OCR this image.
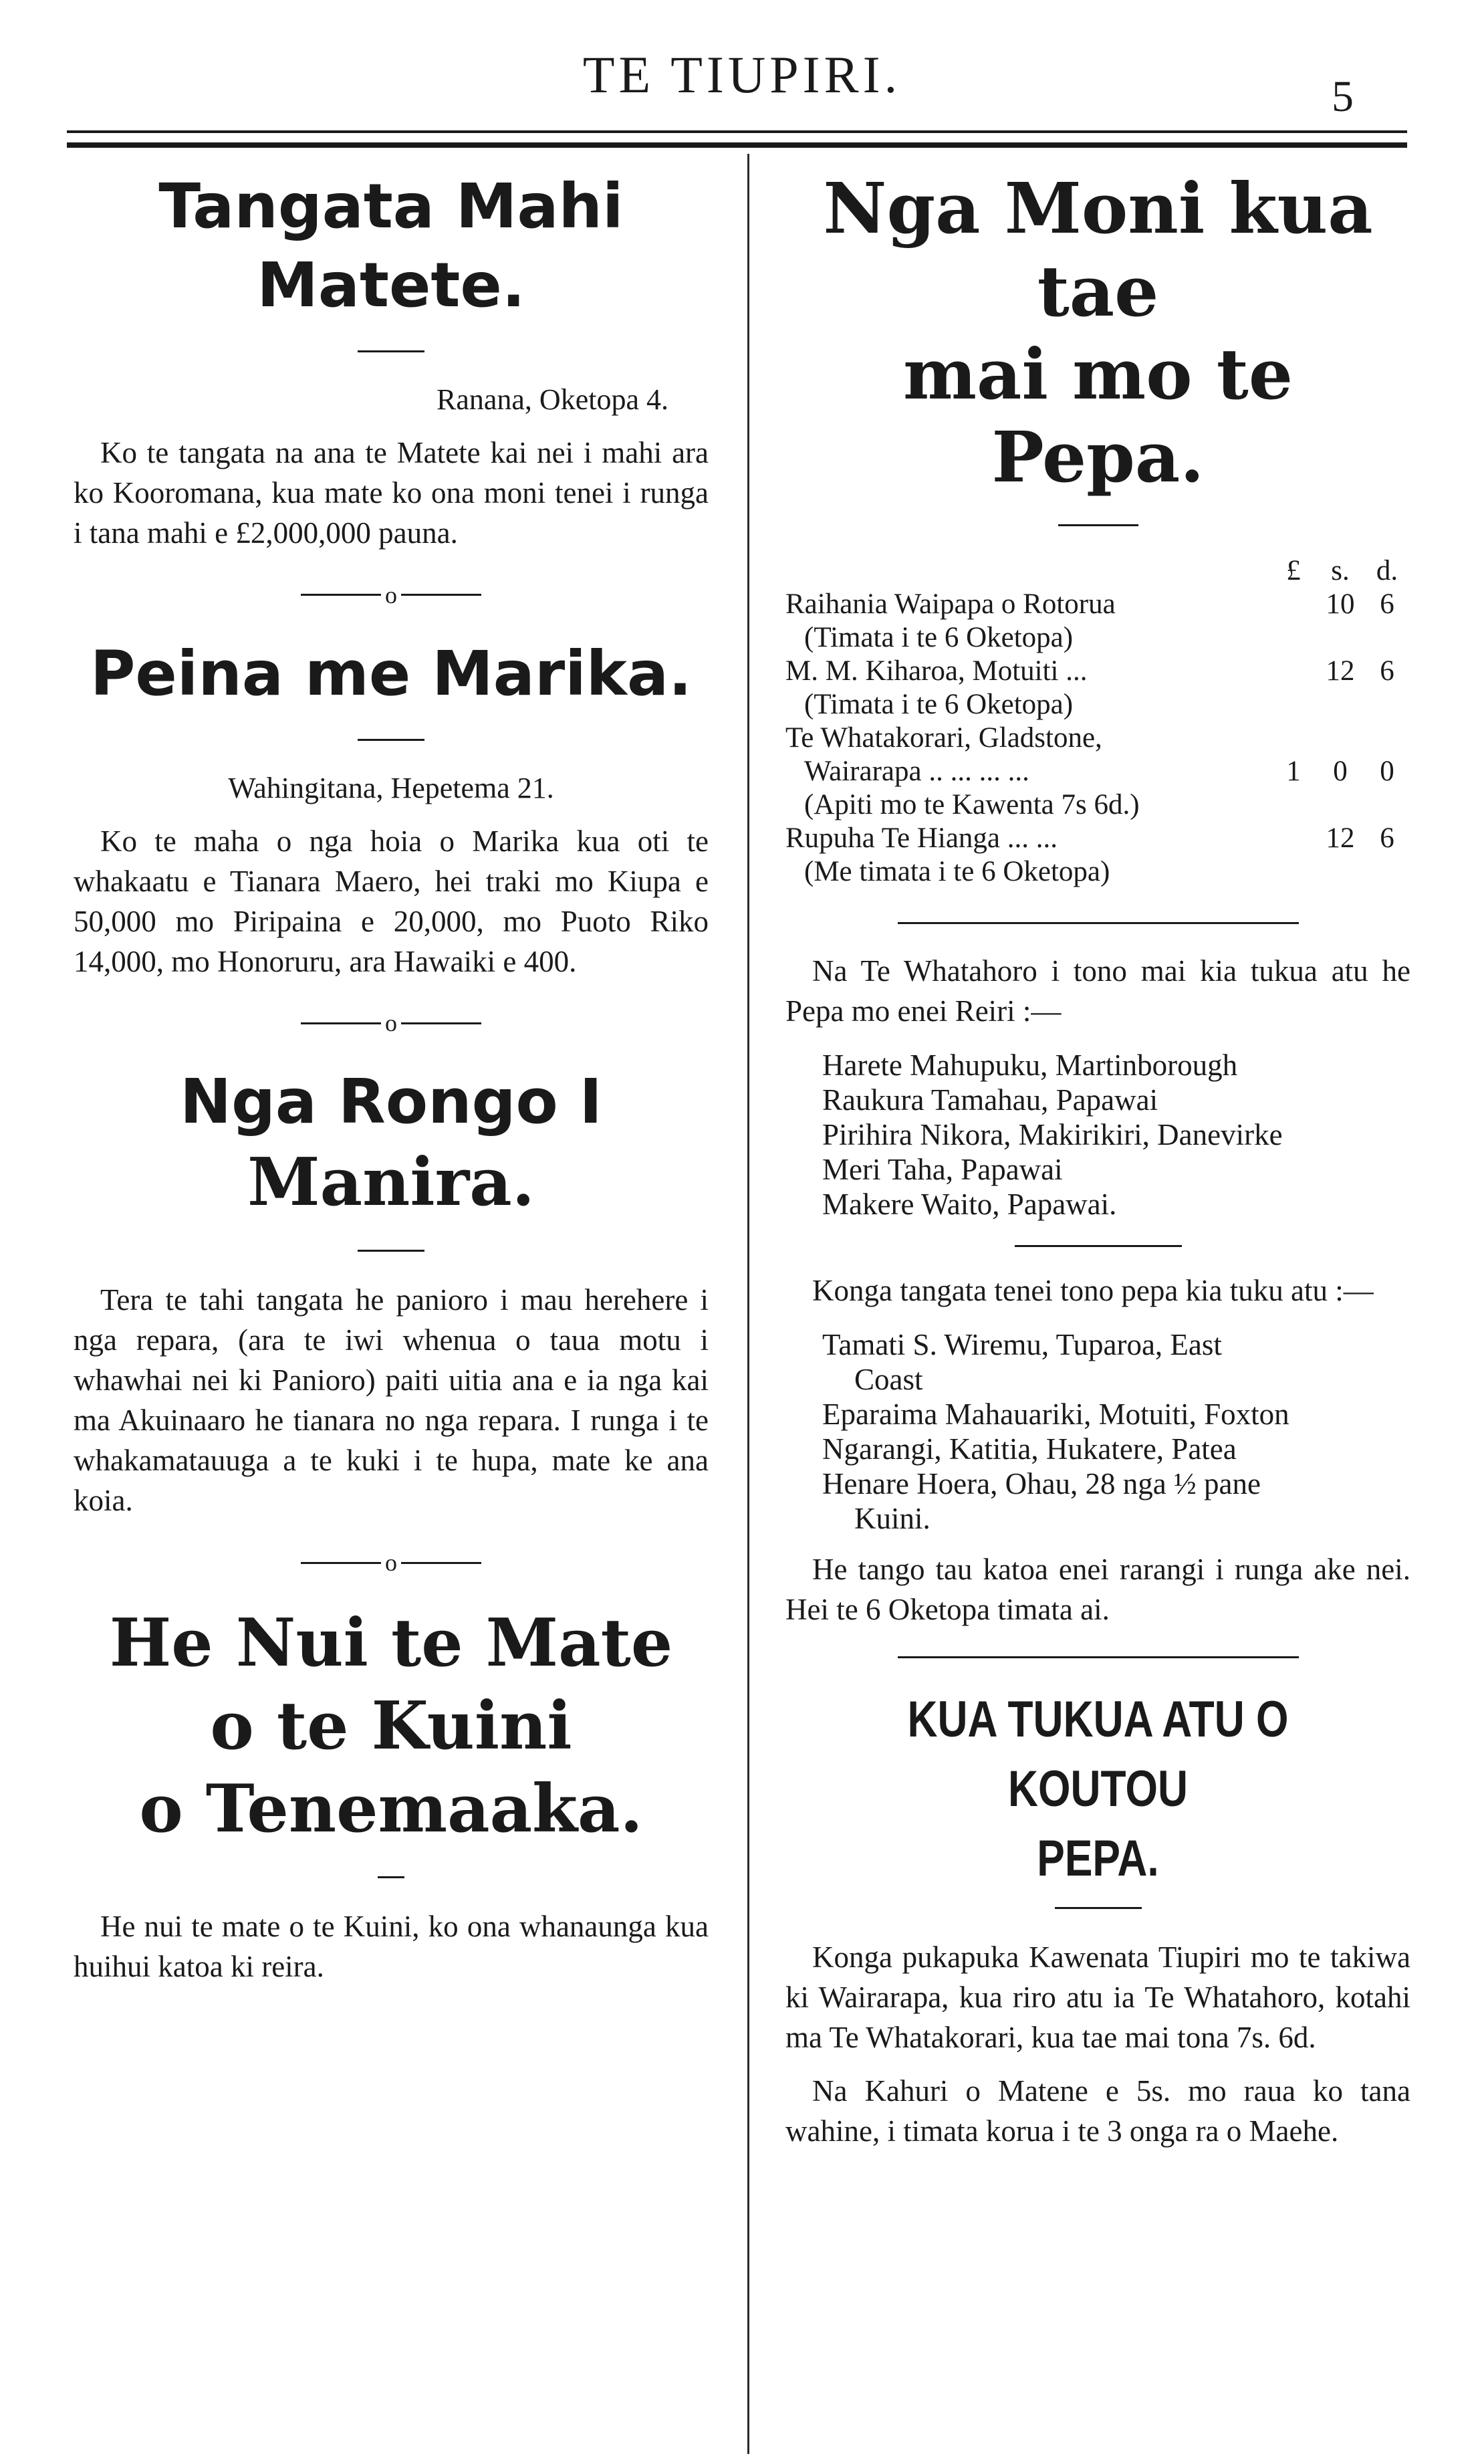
TE TIUPIRI.	5
Tangata Mahi
Matete.

Ranana, Oketopa 4.

Ko te tangata na ana te Matete kai nei i mahi ara ko Kooromana, kua mate ko ona moni tenei i runga i tana mahi e £2,000,000 pauna.

o
Peina me Marika.

Wahingitana, Hepetema 21.

Ko te maha o nga hoia o Marika kua oti te whakaatu e Tianara Maero, hei traki mo Kiupa e 50,000 mo Piripaina e 20,000, mo Puoto Riko 14,000, mo Honoruru, ara Hawaiki e 400.

o
Nga Rongo I
Manira.

Tera te tahi tangata he panioro i mau herehere i nga repara, (ara te iwi whenua o taua motu i whawhai nei ki Panioro) paiti uitia ana e ia nga kai ma Akuinaaro he tianara no nga repara. I runga i te whakamatauuga a te kuki i te hupa, mate ke ana koia.

o
He Nui te Mate
o te Kuini
o Tenemaaka.

He nui te mate o te Kuini, ko ona whanaunga kua huihui katoa ki reira.

Nga Moni kua tae
mai mo te Pepa.
	£	s.	d.
Raihania Waipapa o Rotorua		10	6
(Timata i te 6 Oketopa)			
M. M. Kiharoa, Motuiti ...		12	6
(Timata i te 6 Oketopa)			
Te Whatakorari, Gladstone,			
Wairarapa .. ... ... ...	1	0	0
(Apiti mo te Kawenta 7s 6d.)			
Rupuha Te Hianga ... ...		12	6
(Me timata i te 6 Oketopa)			

Na Te Whatahoro i tono mai kia tukua atu he Pepa mo enei Reiri :—

Harete Mahupuku, Martinborough
Raukura Tamahau, Papawai
Pirihira Nikora, Makirikiri, Danevirke
Meri Taha, Papawai
Makere Waito, Papawai.

Konga tangata tenei tono pepa kia tuku atu :—

Tamati S. Wiremu, Tuparoa, East
Coast
Eparaima Mahauariki, Motuiti, Foxton
Ngarangi, Katitia, Hukatere, Patea
Henare Hoera, Ohau, 28 nga ½ pane
Kuini.

He tango tau katoa enei rarangi i runga ake nei. Hei te 6 Oketopa timata ai.

KUA TUKUA ATU O KOUTOU
PEPA.

Konga pukapuka Kawenata Tiupiri mo te takiwa ki Wairarapa, kua riro atu ia Te Whatahoro, kotahi ma Te Whatakorari, kua tae mai tona 7s. 6d.

Na Kahuri o Matene e 5s. mo raua ko tana wahine, i timata korua i te 3 onga ra o Maehe.
